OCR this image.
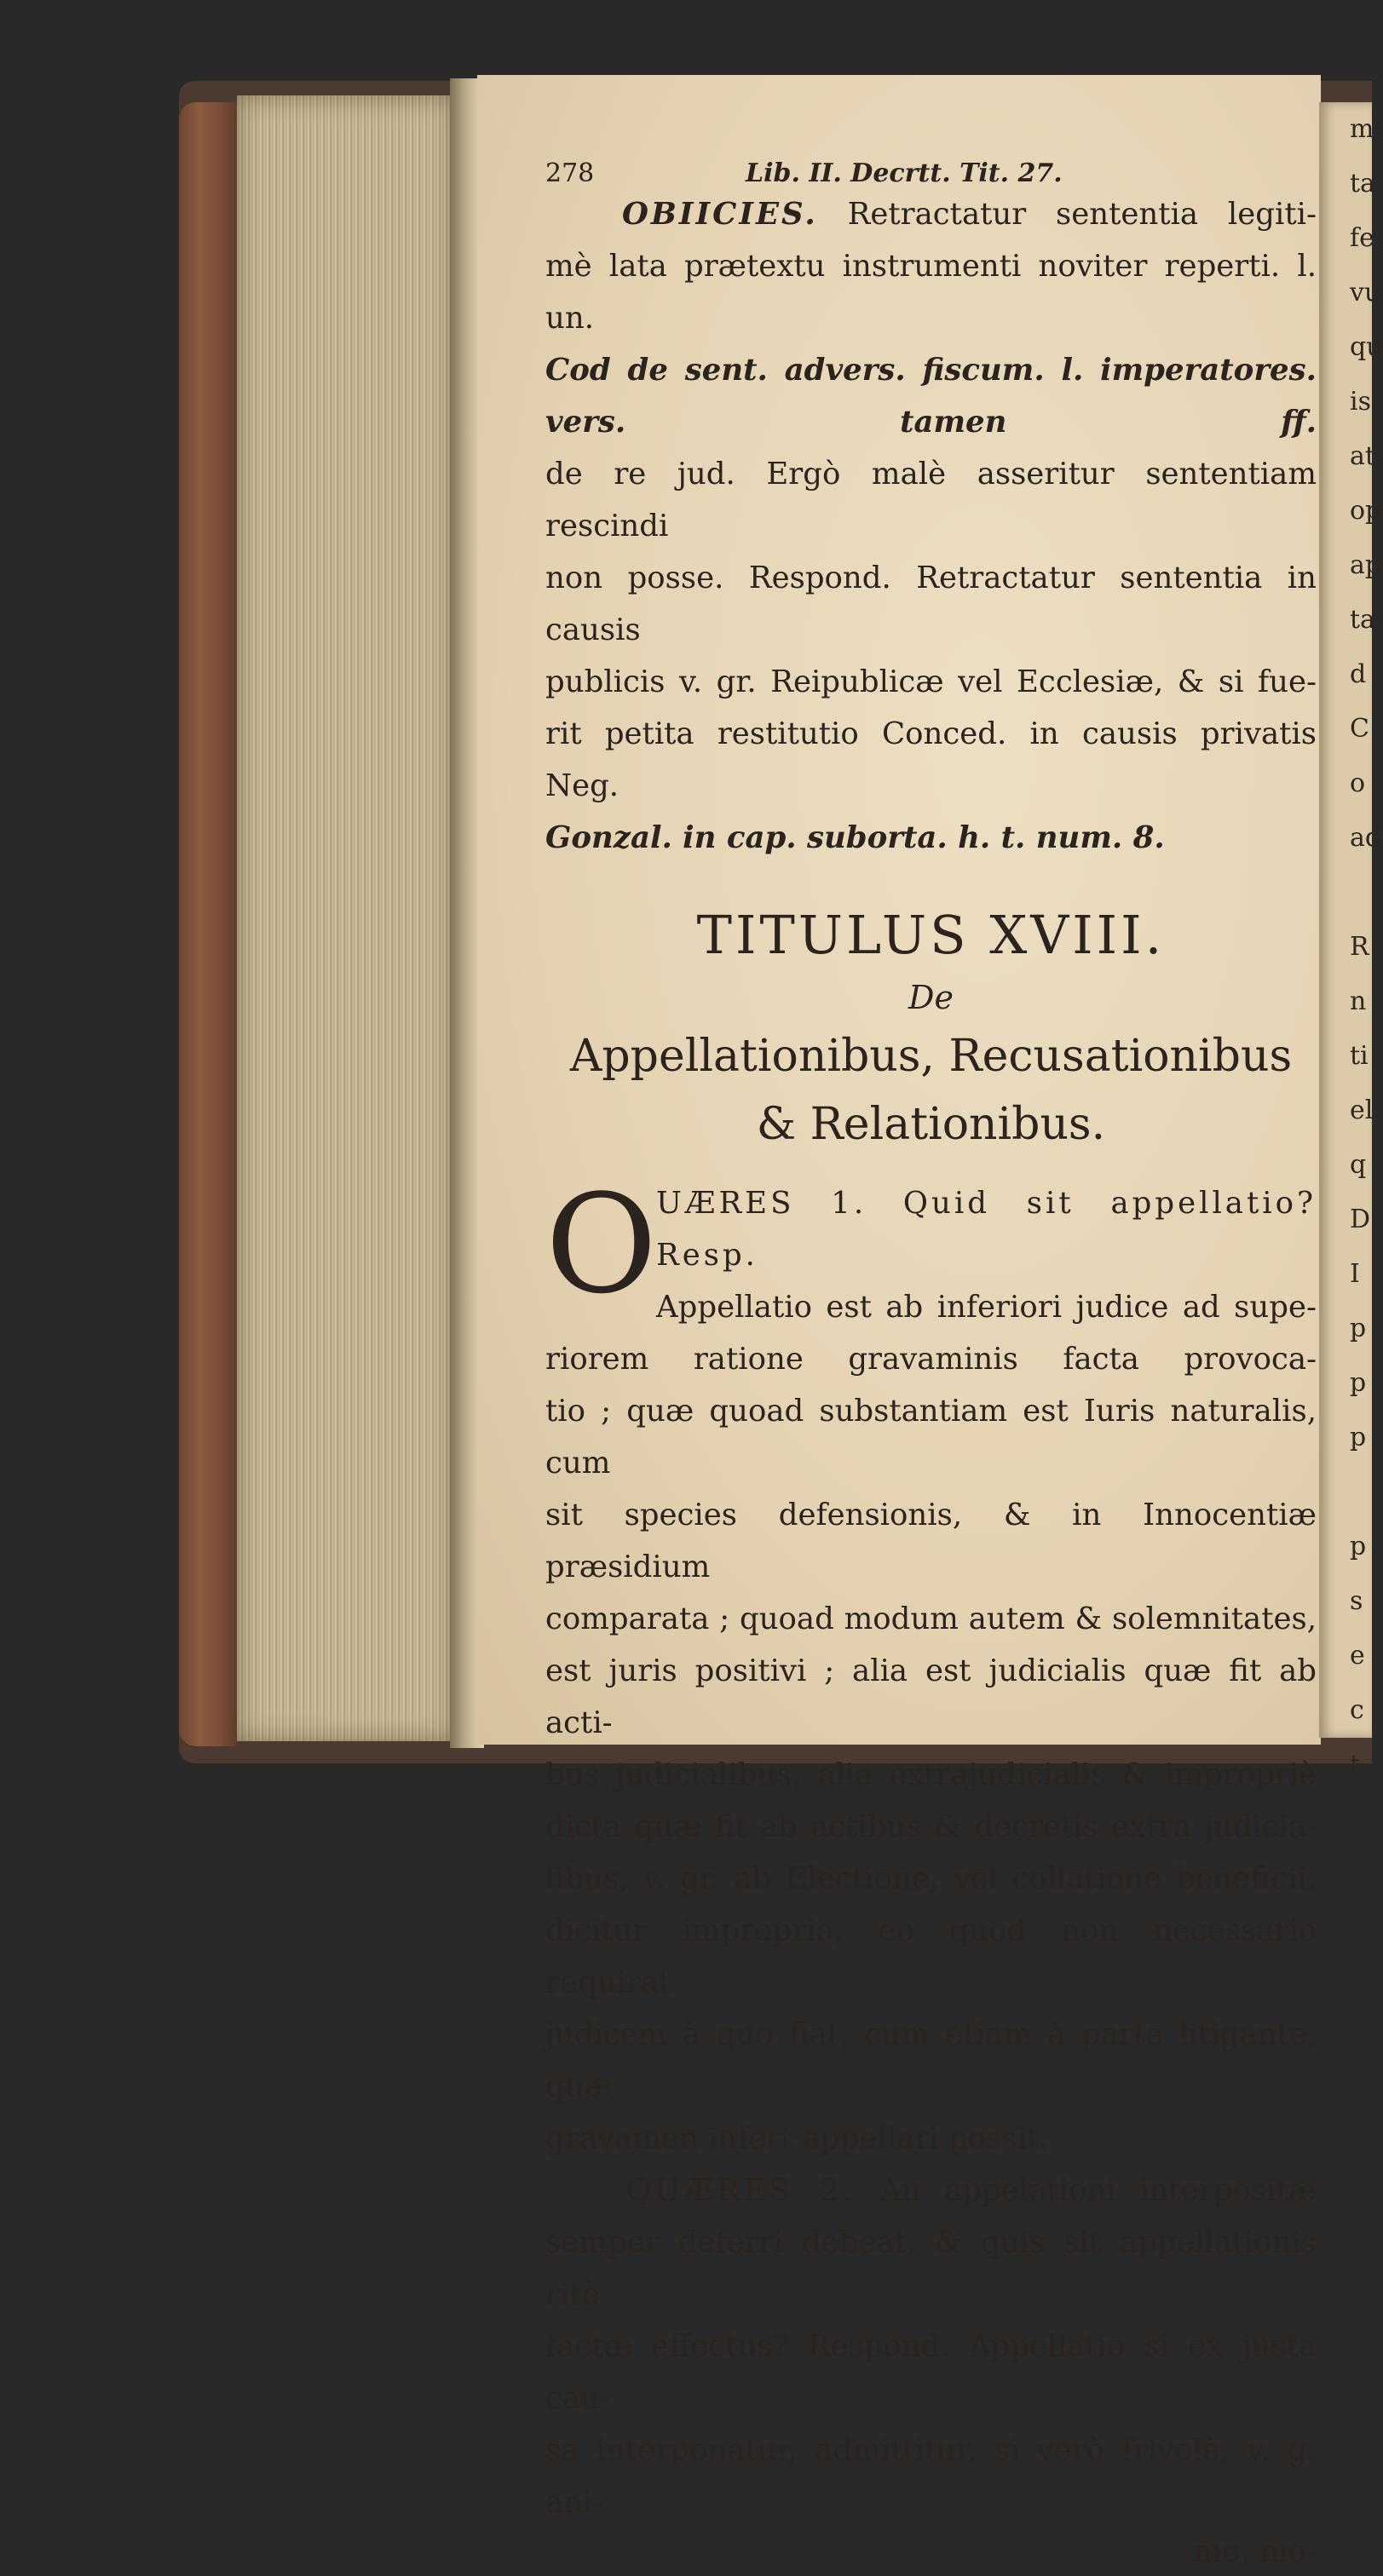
m
ta
fe
vu
qu
is
at
op
ap
ta
d
C
o
ad

R
n
ti
el
q
D
I
p
p
p

p
s
e
c
t
I
278	Lib. II. Decrtt. Tit. 27.
OBIICIES. Retractatur sententia legiti-
mè lata prætextu instrumenti noviter reperti. l. un.
Cod de sent. advers. fiscum. l. imperatores. vers. tamen ff.
de re jud. Ergò malè asseritur sententiam rescindi
non posse. Respond. Retractatur sententia in causis
publicis v. gr. Reipublicæ vel Ecclesiæ, & si fue-
rit petita restitutio Conced. in causis privatis Neg.
Gonzal. in cap. suborta. h. t. num. 8.
TITULUS XVIII.
De
Appellationibus, Recusationibus
& Relationibus.
O
UÆRES 1. Quid sit appellatio? Resp.
Appellatio est ab inferiori judice ad supe-
riorem ratione gravaminis facta provoca-
tio ; quæ quoad substantiam est Iuris naturalis, cum
sit species defensionis, & in Innocentiæ præsidium
comparata ; quoad modum autem & solemnitates,
est juris positivi ; alia est judicialis quæ fit ab acti-
bus judicialibus, alia extrajudicialis & impropriè
dicta quæ fit ab actibus & decretis extra judicia-
libus, v. gr. ab Electione, vel collatione beneficii.
dicitur impropria, eo quod non necessariò requirat
judicem à quo fiat, cum etiam à parte litigante, quæ
gravamen infert appellari possit.
QUÆRES 2. An appelationi interpositæ
semper deferri debeat, & quis sit appellationis ritè
factæ effectus? Respond. Appellatio si ex justa cau-
sa interponatur, admittitur, si verò frivolè, v. g. ani-
mo, mo-
